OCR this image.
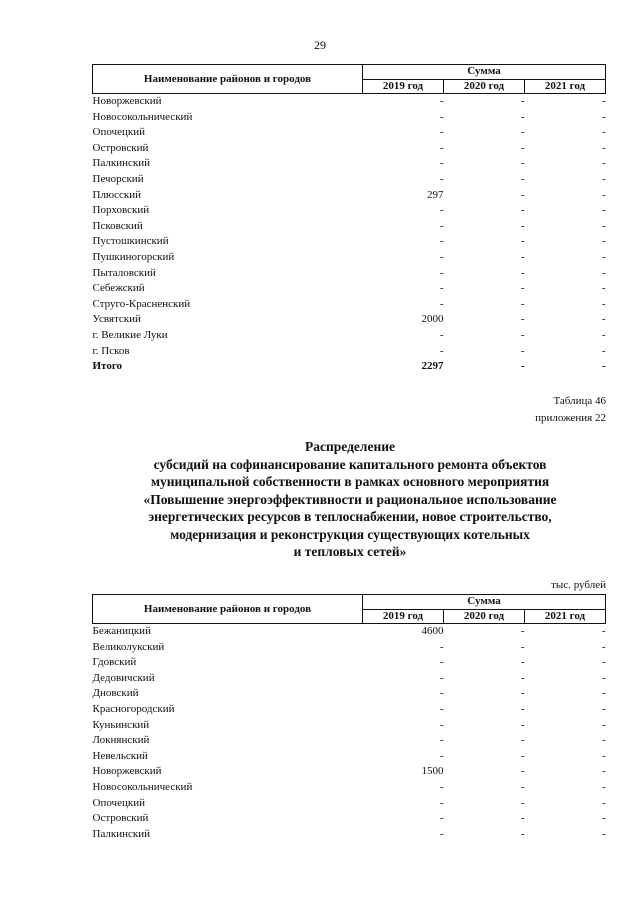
29
Наименование районов и городов	Сумма		
	2019 год	2020 год	2021 год
Новоржевский	-	-	-
Новосокольнический	-	-	-
Опочецкий	-	-	-
Островский	-	-	-
Палкинский	-	-	-
Печорский	-	-	-
Плюсский	297	-	-
Порховский	-	-	-
Псковский	-	-	-
Пустошкинский	-	-	-
Пушкиногорский	-	-	-
Пыталовский	-	-	-
Себежский	-	-	-
Струго-Красненский	-	-	-
Усвятский	2000	-	-
г. Великие Луки	-	-	-
г. Псков	-	-	-
Итого	2297	-	-
Таблица 46
приложения 22
Распределение
субсидий на софинансирование капитального ремонта объектов
муниципальной собственности в рамках основного мероприятия
«Повышение энергоэффективности и рациональное использование
энергетических ресурсов в теплоснабжении, новое строительство,
модернизация и реконструкция существующих котельных
и тепловых сетей»
тыс. рублей
Наименование районов и городов	Сумма		
	2019 год	2020 год	2021 год
Бежаницкий	4600	-	-
Великолукский	-	-	-
Гдовский	-	-	-
Дедовичский	-	-	-
Дновский	-	-	-
Красногородский	-	-	-
Куньинский	-	-	-
Локнянский	-	-	-
Невельский	-	-	-
Новоржевский	1500	-	-
Новосокольнический	-	-	-
Опочецкий	-	-	-
Островский	-	-	-
Палкинский	-	-	-
